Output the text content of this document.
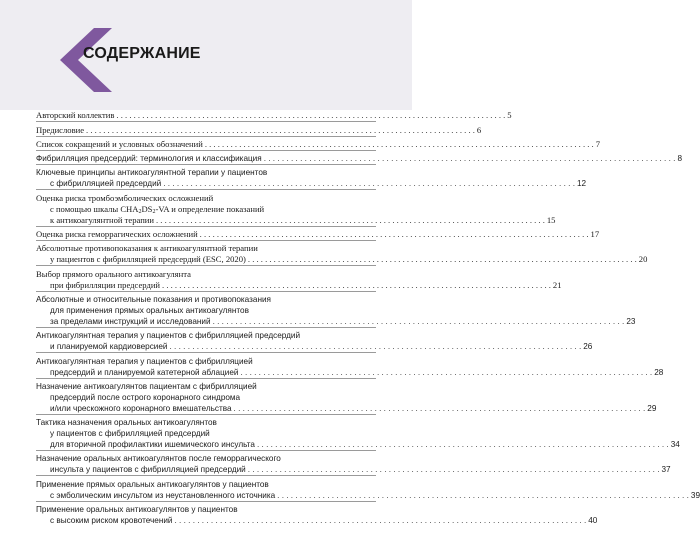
СОДЕРЖАНИЕ
Авторский коллектив . . . . . . . . . . . . . . . . . . . . . . . . . . . . . . . . . . . . . . . . . . . . . . . . . . . . . . . . . . . . . . . . . . . . . . . . . . . . . . . . . . . . . . . . . . . 5
Предисловие . . . . . . . . . . . . . . . . . . . . . . . . . . . . . . . . . . . . . . . . . . . . . . . . . . . . . . . . . . . . . . . . . . . . . . . . . . . . . . . . . . . . . . . . . . . 6
Список сокращений и условных обозначений . . . . . . . . . . . . . . . . . . . . . . . . . . . . . . . . . . . . . . . . . . . . . . . . . . . . . . . . . . . . . . . . . . . . . . . . . . . . . . . . . . . . . . . . . . . 7
Фибрилляция предсердий: терминология и классификация . . . . . . . . . . . . . . . . . . . . . . . . . . . . . . . . . . . . . . . . . . . . . . . . . . . . . . . . . . . . . . . . . . . . . . . . . . . . . . . . . . . . . . . . . . . 8
Ключевые принципы антикоагулянтной терапии у пациентов
с фибрилляцией предсердий . . . . . . . . . . . . . . . . . . . . . . . . . . . . . . . . . . . . . . . . . . . . . . . . . . . . . . . . . . . . . . . . . . . . . . . . . . . . . . . . . . . . . . . . . . . 12
Оценка риска тромбоэмболических осложнений
с помощью шкалы $CHA_2DS_2-VA$ и определение показаний
к антикоагулянтной терапии . . . . . . . . . . . . . . . . . . . . . . . . . . . . . . . . . . . . . . . . . . . . . . . . . . . . . . . . . . . . . . . . . . . . . . . . . . . . . . . . . . . . . . . . . . . 15
Оценка риска геморрагических осложнений . . . . . . . . . . . . . . . . . . . . . . . . . . . . . . . . . . . . . . . . . . . . . . . . . . . . . . . . . . . . . . . . . . . . . . . . . . . . . . . . . . . . . . . . . . . 17
Абсолютные противопоказания к антикоагулянтной терапии
у пациентов с фибрилляцией предсердий (ESC, 2020) . . . . . . . . . . . . . . . . . . . . . . . . . . . . . . . . . . . . . . . . . . . . . . . . . . . . . . . . . . . . . . . . . . . . . . . . . . . . . . . . . . . . . . . . . . . 20
Выбор прямого орального антикоагулянта
при фибрилляции предсердий . . . . . . . . . . . . . . . . . . . . . . . . . . . . . . . . . . . . . . . . . . . . . . . . . . . . . . . . . . . . . . . . . . . . . . . . . . . . . . . . . . . . . . . . . . . 21
Абсолютные и относительные показания и противопоказания
для применения прямых оральных антикоагулянтов
за пределами инструкций и исследований . . . . . . . . . . . . . . . . . . . . . . . . . . . . . . . . . . . . . . . . . . . . . . . . . . . . . . . . . . . . . . . . . . . . . . . . . . . . . . . . . . . . . . . . . . . 23
Антикоагулянтная терапия у пациентов с фибрилляцией предсердий
и планируемой кардиоверсией . . . . . . . . . . . . . . . . . . . . . . . . . . . . . . . . . . . . . . . . . . . . . . . . . . . . . . . . . . . . . . . . . . . . . . . . . . . . . . . . . . . . . . . . . . . 26
Антикоагулянтная терапия у пациентов с фибрилляцией
предсердий и планируемой катетерной аблацией . . . . . . . . . . . . . . . . . . . . . . . . . . . . . . . . . . . . . . . . . . . . . . . . . . . . . . . . . . . . . . . . . . . . . . . . . . . . . . . . . . . . . . . . . . . 28
Назначение антикоагулянтов пациентам с фибрилляцией
предсердий после острого коронарного синдрома
и/или чрескожного коронарного вмешательства . . . . . . . . . . . . . . . . . . . . . . . . . . . . . . . . . . . . . . . . . . . . . . . . . . . . . . . . . . . . . . . . . . . . . . . . . . . . . . . . . . . . . . . . . . . 29
Тактика назначения оральных антикоагулянтов
у пациентов с фибрилляцией предсердий
для вторичной профилактики ишемического инсульта . . . . . . . . . . . . . . . . . . . . . . . . . . . . . . . . . . . . . . . . . . . . . . . . . . . . . . . . . . . . . . . . . . . . . . . . . . . . . . . . . . . . . . . . . . . 34
Назначение оральных антикоагулянтов после геморрагического
инсульта у пациентов с фибрилляцией предсердий . . . . . . . . . . . . . . . . . . . . . . . . . . . . . . . . . . . . . . . . . . . . . . . . . . . . . . . . . . . . . . . . . . . . . . . . . . . . . . . . . . . . . . . . . . . 37
Применение прямых оральных антикоагулянтов у пациентов
с эмболическим инсультом из неустановленного источника . . . . . . . . . . . . . . . . . . . . . . . . . . . . . . . . . . . . . . . . . . . . . . . . . . . . . . . . . . . . . . . . . . . . . . . . . . . . . . . . . . . . . . . . . . . 39
Применение оральных антикоагулянтов у пациентов
с высоким риском кровотечений . . . . . . . . . . . . . . . . . . . . . . . . . . . . . . . . . . . . . . . . . . . . . . . . . . . . . . . . . . . . . . . . . . . . . . . . . . . . . . . . . . . . . . . . . . . 40
